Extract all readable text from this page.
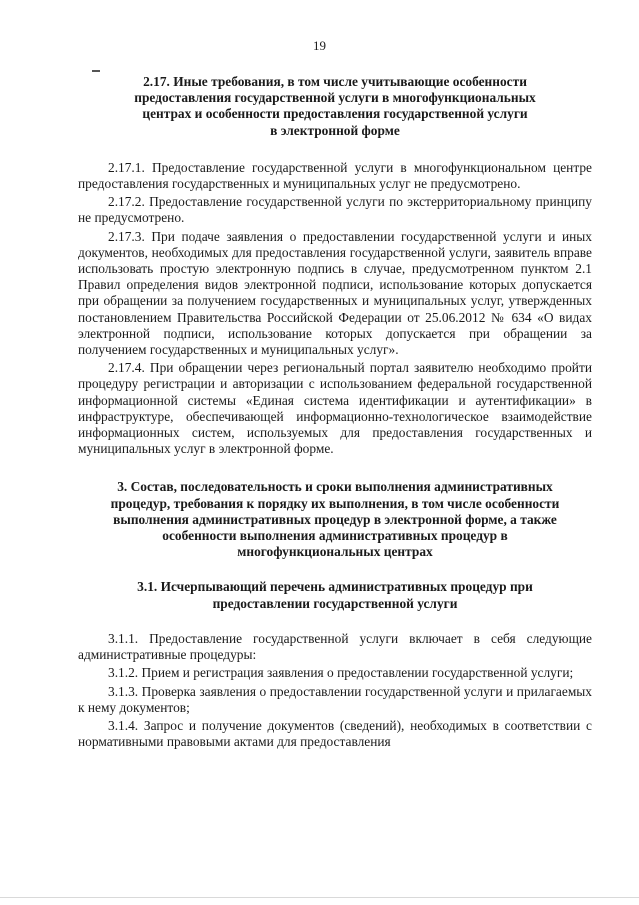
19
2.17. Иные требования, в том числе учитывающие особенности
предоставления государственной услуги в многофункциональных
центрах и особенности предоставления государственной услуги
в электронной форме

2.17.1. Предоставление государственной услуги в многофункциональном центре предоставления государственных и муниципальных услуг не предусмотрено.

2.17.2. Предоставление государственной услуги по экстерриториальному принципу не предусмотрено.

2.17.3. При подаче заявления о предоставлении государственной услуги и иных документов, необходимых для предоставления государственной услуги, заявитель вправе использовать простую электронную подпись в случае, предусмотренном пунктом 2.1 Правил определения видов электронной подписи, использование которых допускается при обращении за получением государственных и муниципальных услуг, утвержденных постановлением Правительства Российской Федерации от 25.06.2012 № 634 «О видах электронной подписи, использование которых допускается при обращении за получением государственных и муниципальных услуг».

2.17.4. При обращении через региональный портал заявителю необходимо пройти процедуру регистрации и авторизации с использованием федеральной государственной информационной системы «Единая система идентификации и аутентификации» в инфраструктуре, обеспечивающей информационно-технологическое взаимодействие информационных систем, используемых для предоставления государственных и муниципальных услуг в электронной форме.

3. Состав, последовательность и сроки выполнения административных
процедур, требования к порядку их выполнения, в том числе особенности
выполнения административных процедур в электронной форме, а также
особенности выполнения административных процедур в
многофункциональных центрах
3.1. Исчерпывающий перечень административных процедур при
предоставлении государственной услуги

3.1.1. Предоставление государственной услуги включает в себя следующие административные процедуры:

3.1.2. Прием и регистрация заявления о предоставлении государственной услуги;

3.1.3. Проверка заявления о предоставлении государственной услуги и прилагаемых к нему документов;

3.1.4. Запрос и получение документов (сведений), необходимых в соответствии с нормативными правовыми актами для предоставления
